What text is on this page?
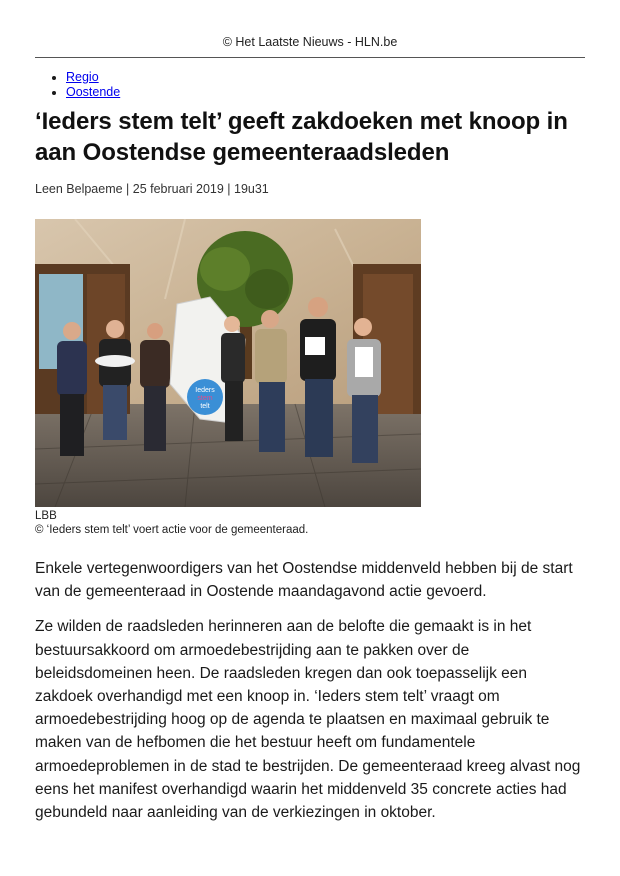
© Het Laatste Nieuws - HLN.be
• Regio
• Oostende
‘Ieders stem telt’ geeft zakdoeken met knoop in aan Oostendse gemeenteraadsleden
Leen Belpaeme | 25 februari 2019 | 19u31
Ieders
stem
telt
LBB
© ‘Ieders stem telt’ voert actie voor de gemeenteraad.

Enkele vertegenwoordigers van het Oostendse middenveld hebben bij de start van de gemeenteraad in Oostende maandagavond actie gevoerd.

Ze wilden de raadsleden herinneren aan de belofte die gemaakt is in het bestuursakkoord om armoedebestrijding aan te pakken over de beleidsdomeinen heen. De raadsleden kregen dan ook toepasselijk een zakdoek overhandigd met een knoop in. ‘Ieders stem telt’ vraagt om armoedebestrijding hoog op de agenda te plaatsen en maximaal gebruik te maken van de hefbomen die het bestuur heeft om fundamentele armoedeproblemen in de stad te bestrijden. De gemeenteraad kreeg alvast nog eens het manifest overhandigd waarin het middenveld 35 concrete acties had gebundeld naar aanleiding van de verkiezingen in oktober.
